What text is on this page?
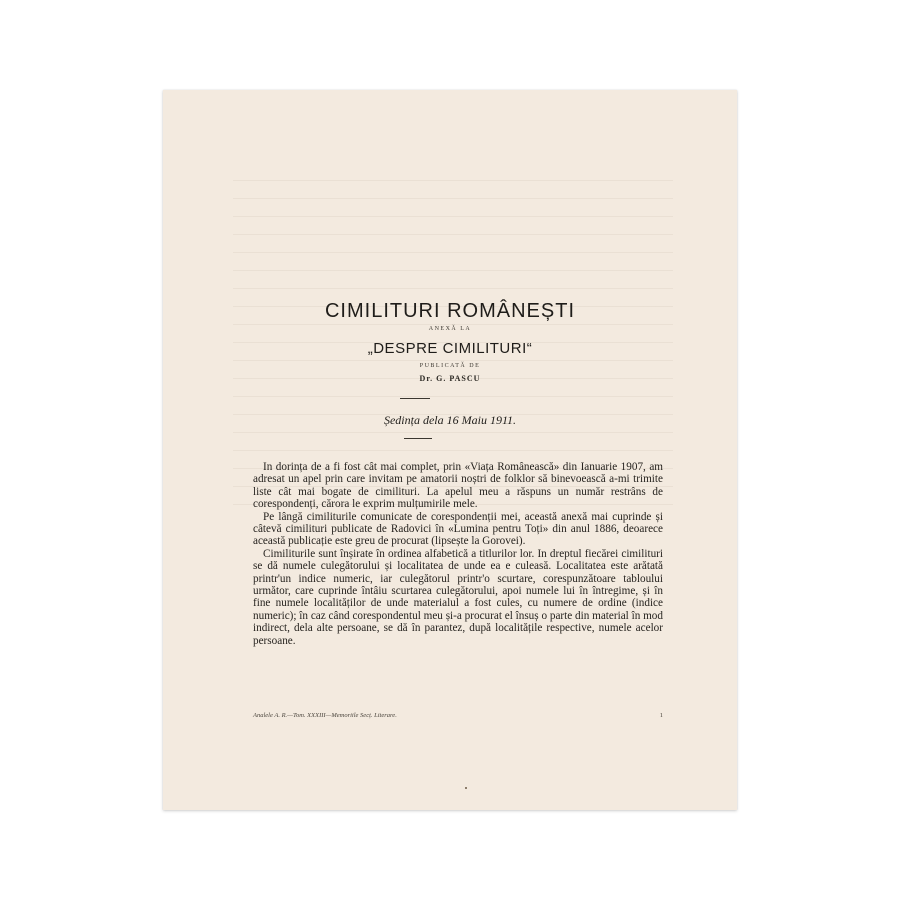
CIMILITURI ROMÂNEȘTI
ANEXĂ LA
„DESPRE CIMILITURI“
PUBLICATĂ DE
Dr. G. PASCU
Ședința dela 16 Maiu 1911.

In dorința de a fi fost cât mai complet, prin «Viața Românească» din Ianuarie 1907, am adresat un apel prin care invitam pe amatorii noștri de folklor să binevoească a-mi trimite liste cât mai bogate de cimilituri. La apelul meu a răspuns un număr restrâns de corespondenți, cărora le exprim mulțumirile mele.

Pe lângă cimiliturile comunicate de corespondenții mei, această anexă mai cuprinde și câtevă cimilituri publicate de Radovici în «Lumina pentru Toți» din anul 1886, deoarece această publicație este greu de procurat (lipsește la Gorovei).

Cimiliturile sunt înșirate în ordinea alfabetică a titlurilor lor. In dreptul fiecărei cimilituri se dă numele culegătorului și localitatea de unde ea e culeasă. Localitatea este arătată printr'un indice numeric, iar culegătorul printr'o scurtare, corespunzătoare tabloului următor, care cuprinde întâiu scurtarea culegătorului, apoi numele lui în întregime, și în fine numele localităților de unde materialul a fost cules, cu numere de ordine (indice numeric); în caz când corespondentul meu și-a procurat el însuș o parte din material în mod indirect, dela alte persoane, se dă în parantez, după localitățile respective, numele acelor persoane.

Analele A. R.—Tom. XXXIII—Memoriile Secț. Literare.	1
